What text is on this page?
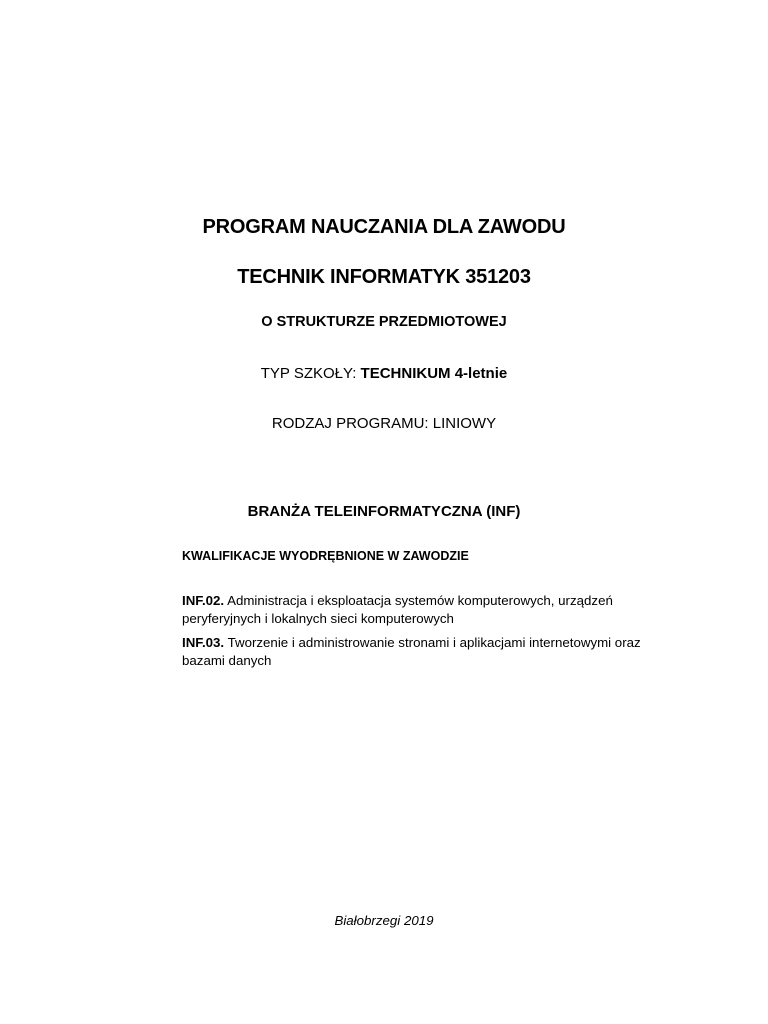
PROGRAM NAUCZANIA DLA ZAWODU
TECHNIK INFORMATYK 351203
O STRUKTURZE PRZEDMIOTOWEJ
TYP SZKOŁY: TECHNIKUM 4-letnie
RODZAJ PROGRAMU: LINIOWY
BRANŻA TELEINFORMATYCZNA (INF)
KWALIFIKACJE WYODRĘBNIONE W ZAWODZIE
INF.02. Administracja i eksploatacja systemów komputerowych, urządzeń peryferyjnych i lokalnych sieci komputerowych
INF.03. Tworzenie i administrowanie stronami i aplikacjami internetowymi oraz bazami danych
Białobrzegi 2019
